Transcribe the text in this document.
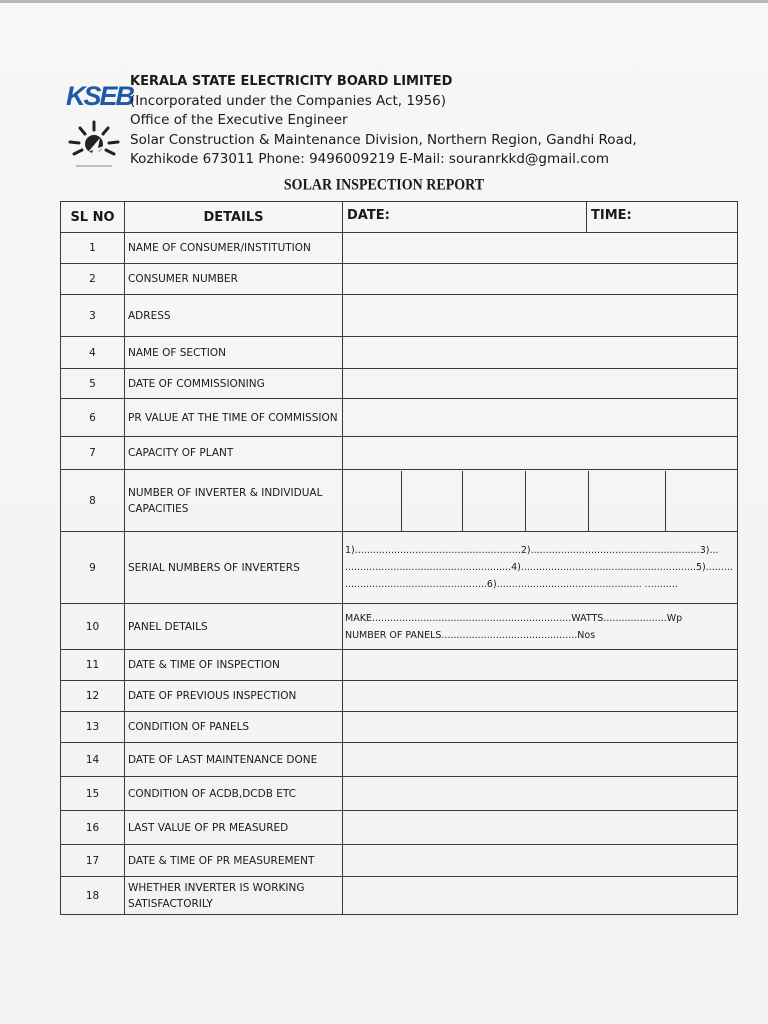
KSEB
KERALA STATE ELECTRICITY BOARD LIMITED
(Incorporated under the Companies Act, 1956)
Office of the Executive Engineer
Solar Construction & Maintenance Division, Northern Region, Gandhi Road,
Kozhikode 673011 Phone: 9496009219 E-Mail: souranrkkd@gmail.com
SOLAR INSPECTION REPORT
SL NO	DETAILS	DATE: TIME:

1	NAME OF CONSUMER/INSTITUTION	
2	CONSUMER NUMBER	
3	ADRESS	
4	NAME OF SECTION	
5	DATE OF COMMISSIONING	
6	PR VALUE AT THE TIME OF COMMISSION	
7	CAPACITY OF PLANT	
8	NUMBER OF INVERTER & INDIVIDUAL CAPACITIES	

9	SERIAL NUMBERS OF INVERTERS	1).......................................................2)........................................................3)...
.......................................................4)..........................................................5).........
...............................................6)................................................ ...........

10	PANEL DETAILS	MAKE..................................................................WATTS.....................Wp
NUMBER OF PANELS.............................................Nos

11	DATE & TIME OF INSPECTION	
12	DATE OF PREVIOUS INSPECTION	
13	CONDITION OF PANELS	
14	DATE OF LAST MAINTENANCE DONE	
15	CONDITION OF ACDB,DCDB ETC	
16	LAST VALUE OF PR MEASURED	
17	DATE & TIME OF PR MEASUREMENT	
18	WHETHER INVERTER IS WORKING SATISFACTORILY	
